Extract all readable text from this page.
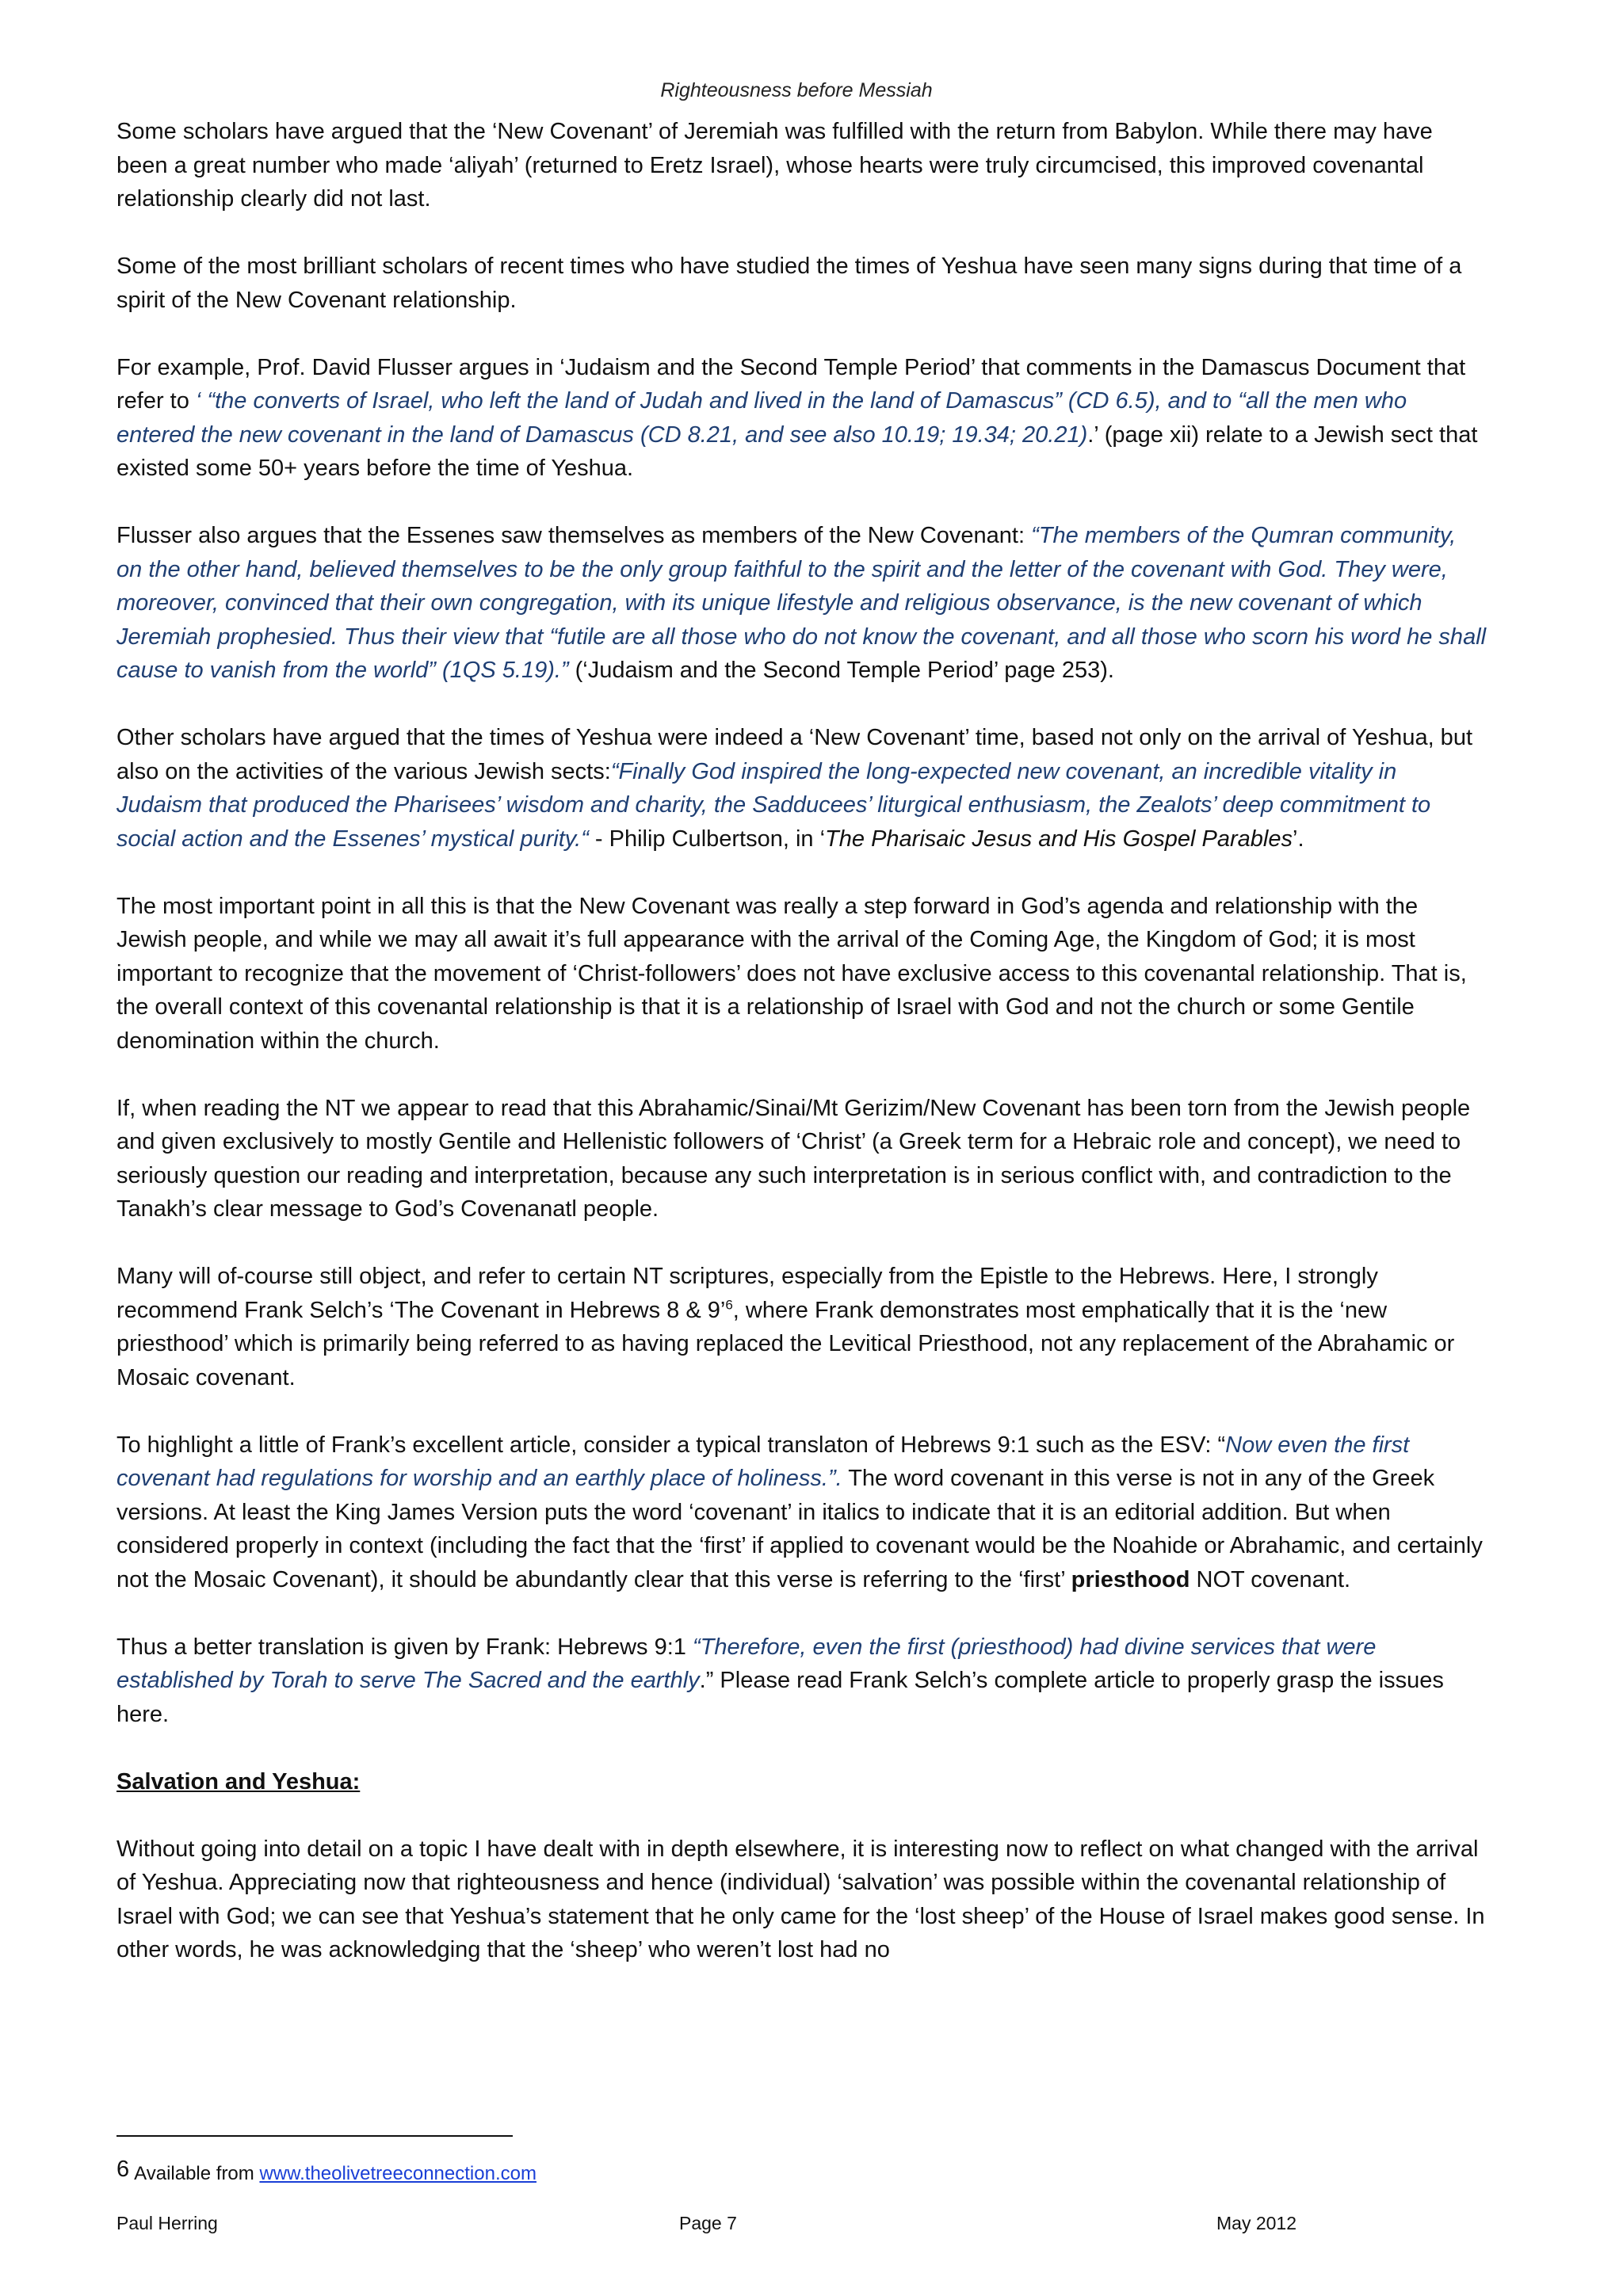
Righteousness before Messiah

Some scholars have argued that the ‘New Covenant’ of Jeremiah was fulfilled with the return from Babylon. While there may have been a great number who made ‘aliyah’ (returned to Eretz Israel), whose hearts were truly circumcised, this improved covenantal relationship clearly did not last.

Some of the most brilliant scholars of recent times who have studied the times of Yeshua have seen many signs during that time of a spirit of the New Covenant relationship.

For example, Prof. David Flusser argues in ‘Judaism and the Second Temple Period’ that comments in the Damascus Document that refer to ‘ “the converts of Israel, who left the land of Judah and lived in the land of Damascus” (CD 6.5), and to “all the men who entered the new covenant in the land of Damascus (CD 8.21, and see also 10.19; 19.34; 20.21).’ (page xii) relate to a Jewish sect that existed some 50+ years before the time of Yeshua.

Flusser also argues that the Essenes saw themselves as members of the New Covenant: “The members of the Qumran community, on the other hand, believed themselves to be the only group faithful to the spirit and the letter of the covenant with God. They were, moreover, convinced that their own congregation, with its unique lifestyle and religious observance, is the new covenant of which Jeremiah prophesied. Thus their view that “futile are all those who do not know the covenant, and all those who scorn his word he shall cause to vanish from the world” (1QS 5.19).” (‘Judaism and the Second Temple Period’ page 253).

Other scholars have argued that the times of Yeshua were indeed a ‘New Covenant’ time, based not only on the arrival of Yeshua, but also on the activities of the various Jewish sects:“Finally God inspired the long-expected new covenant, an incredible vitality in Judaism that produced the Pharisees’ wisdom and charity, the Sadducees’ liturgical enthusiasm, the Zealots’ deep commitment to social action and the Essenes’ mystical purity.“ - Philip Culbertson, in ‘The Pharisaic Jesus and His Gospel Parables’.

The most important point in all this is that the New Covenant was really a step forward in God’s agenda and relationship with the Jewish people, and while we may all await it’s full appearance with the arrival of the Coming Age, the Kingdom of God; it is most important to recognize that the movement of ‘Christ-followers’ does not have exclusive access to this covenantal relationship. That is, the overall context of this covenantal relationship is that it is a relationship of Israel with God and not the church or some Gentile denomination within the church.

If, when reading the NT we appear to read that this Abrahamic/Sinai/Mt Gerizim/New Covenant has been torn from the Jewish people and given exclusively to mostly Gentile and Hellenistic followers of ‘Christ’ (a Greek term for a Hebraic role and concept), we need to seriously question our reading and interpretation, because any such interpretation is in serious conflict with, and contradiction to the Tanakh’s clear message to God’s Covenanatl people.

Many will of-course still object, and refer to certain NT scriptures, especially from the Epistle to the Hebrews. Here, I strongly recommend Frank Selch’s ‘The Covenant in Hebrews 8 & 9’$^6$, where Frank demonstrates most emphatically that it is the ‘new priesthood’ which is primarily being referred to as having replaced the Levitical Priesthood, not any replacement of the Abrahamic or Mosaic covenant.

To highlight a little of Frank’s excellent article, consider a typical translaton of Hebrews 9:1 such as the ESV: “Now even the first covenant had regulations for worship and an earthly place of holiness.”. The word covenant in this verse is not in any of the Greek versions. At least the King James Version puts the word ‘covenant’ in italics to indicate that it is an editorial addition. But when considered properly in context (including the fact that the ‘first’ if applied to covenant would be the Noahide or Abrahamic, and certainly not the Mosaic Covenant), it should be abundantly clear that this verse is referring to the ‘first’ priesthood NOT covenant.

Thus a better translation is given by Frank: Hebrews 9:1 “Therefore, even the first (priesthood) had divine services that were established by Torah to serve The Sacred and the earthly.” Please read Frank Selch’s complete article to properly grasp the issues here.

Salvation and Yeshua:

Without going into detail on a topic I have dealt with in depth elsewhere, it is interesting now to reflect on what changed with the arrival of Yeshua. Appreciating now that righteousness and hence (individual) ‘salvation’ was possible within the covenantal relationship of Israel with God; we can see that Yeshua’s statement that he only came for the ‘lost sheep’ of the House of Israel makes good sense. In other words, he was acknowledging that the ‘sheep’ who weren’t lost had no

6 Available from www.theolivetreeconnection.com
Paul Herring	Page 7	May 2012
